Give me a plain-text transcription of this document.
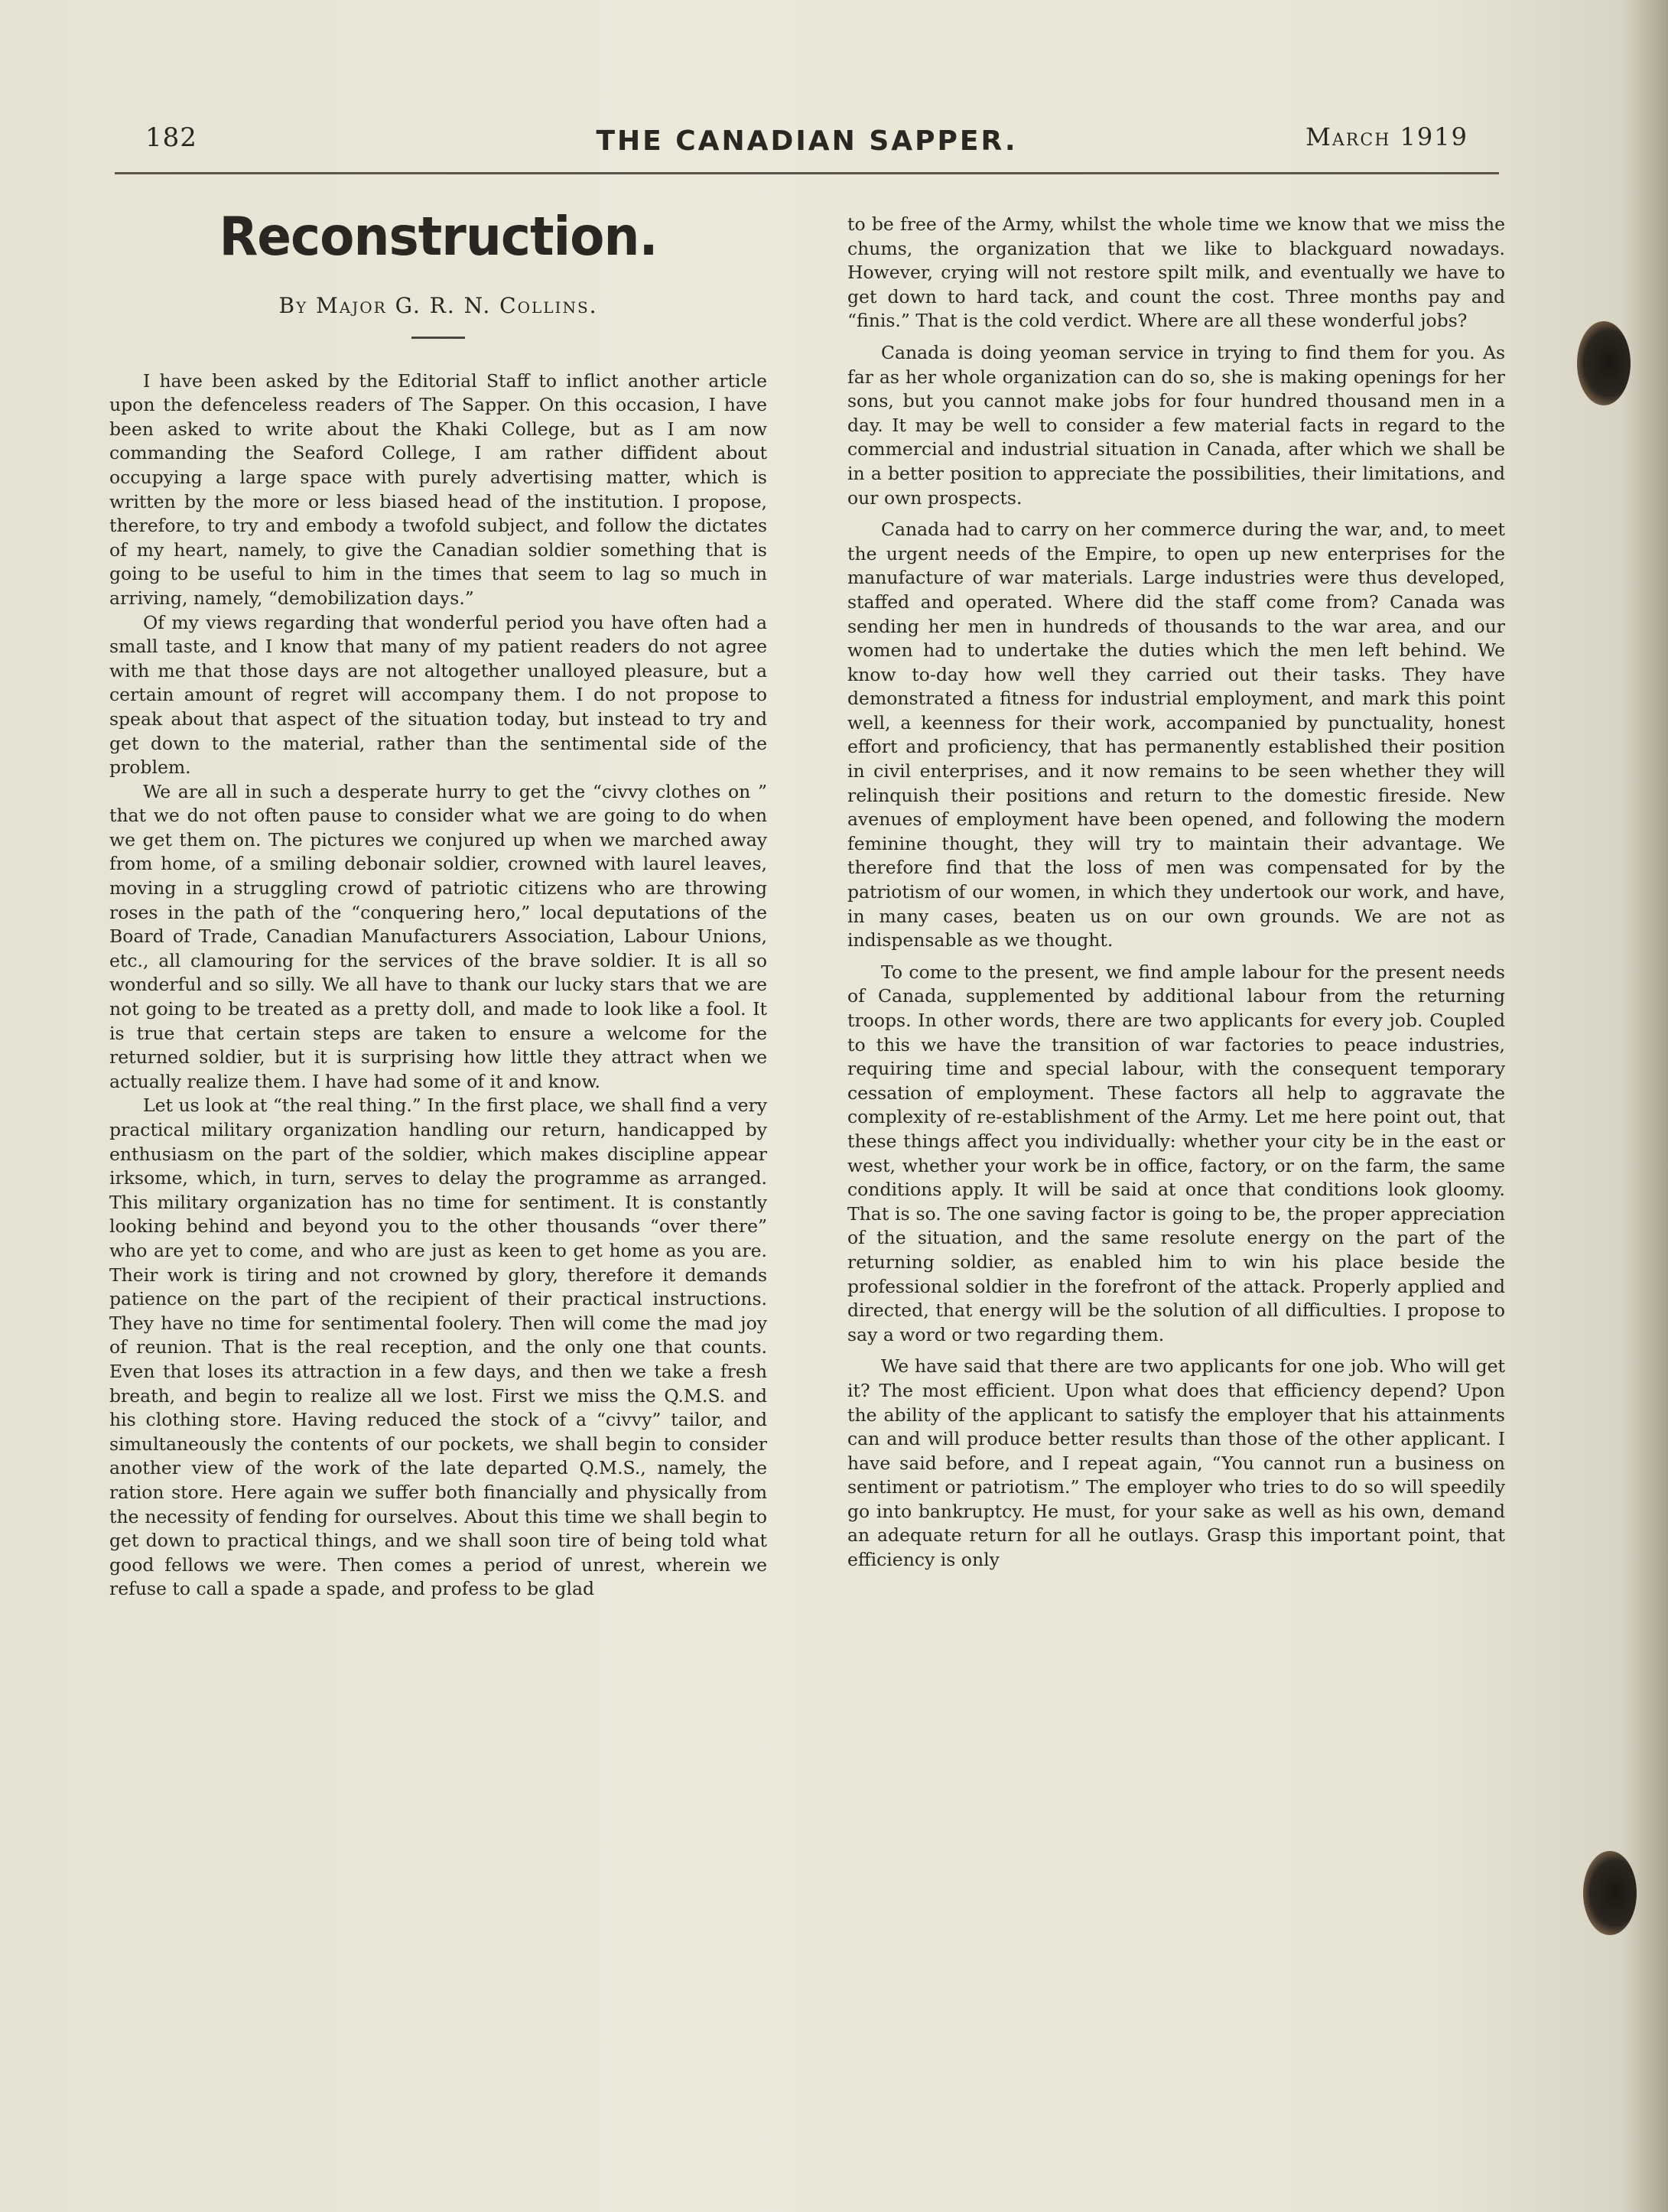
182	THE CANADIAN SAPPER.	March 1919
Reconstruction.
By Major G. R. N. Collins.

I have been asked by the Editorial Staff to inflict another article upon the defenceless readers of The Sapper. On this occasion, I have been asked to write about the Khaki College, but as I am now commanding the Seaford College, I am rather diffident about occupying a large space with purely advertising matter, which is written by the more or less biased head of the institution. I propose, therefore, to try and embody a twofold subject, and follow the dictates of my heart, namely, to give the Canadian soldier something that is going to be useful to him in the times that seem to lag so much in arriving, namely, “demobilization days.”

Of my views regarding that wonderful period you have often had a small taste, and I know that many of my patient readers do not agree with me that those days are not altogether unalloyed pleasure, but a certain amount of regret will accompany them. I do not propose to speak about that aspect of the situation today, but instead to try and get down to the material, rather than the sentimental side of the problem.

We are all in such a desperate hurry to get the “civvy clothes on ” that we do not often pause to consider what we are going to do when we get them on. The pictures we conjured up when we marched away from home, of a smiling debonair soldier, crowned with laurel leaves, moving in a struggling crowd of patriotic citizens who are throwing roses in the path of the “conquering hero,” local deputations of the Board of Trade, Canadian Manufacturers Association, Labour Unions, etc., all clamouring for the services of the brave soldier. It is all so wonderful and so silly. We all have to thank our lucky stars that we are not going to be treated as a pretty doll, and made to look like a fool. It is true that certain steps are taken to ensure a welcome for the returned soldier, but it is surprising how little they attract when we actually realize them. I have had some of it and know.

Let us look at “the real thing.” In the first place, we shall find a very practical military organization handling our return, handicapped by enthusiasm on the part of the soldier, which makes discipline appear irksome, which, in turn, serves to delay the programme as arranged. This military organization has no time for sentiment. It is constantly looking behind and beyond you to the other thousands “over there” who are yet to come, and who are just as keen to get home as you are. Their work is tiring and not crowned by glory, therefore it demands patience on the part of the recipient of their practical instructions. They have no time for sentimental foolery. Then will come the mad joy of reunion. That is the real reception, and the only one that counts. Even that loses its attraction in a few days, and then we take a fresh breath, and begin to realize all we lost. First we miss the Q.M.S. and his clothing store. Having reduced the stock of a “civvy” tailor, and simultaneously the contents of our pockets, we shall begin to consider another view of the work of the late departed Q.M.S., namely, the ration store. Here again we suffer both financially and physically from the necessity of fending for ourselves. About this time we shall begin to get down to practical things, and we shall soon tire of being told what good fellows we were. Then comes a period of unrest, wherein we refuse to call a spade a spade, and profess to be glad

to be free of the Army, whilst the whole time we know that we miss the chums, the organization that we like to blackguard nowadays. However, crying will not restore spilt milk, and eventually we have to get down to hard tack, and count the cost. Three months pay and “finis.” That is the cold verdict. Where are all these wonderful jobs?

Canada is doing yeoman service in trying to find them for you. As far as her whole organization can do so, she is making openings for her sons, but you cannot make jobs for four hundred thousand men in a day. It may be well to consider a few material facts in regard to the commercial and industrial situation in Canada, after which we shall be in a better position to appreciate the possibilities, their limitations, and our own prospects.

Canada had to carry on her commerce during the war, and, to meet the urgent needs of the Empire, to open up new enterprises for the manufacture of war materials. Large industries were thus developed, staffed and operated. Where did the staff come from? Canada was sending her men in hundreds of thousands to the war area, and our women had to undertake the duties which the men left behind. We know to-day how well they carried out their tasks. They have demonstrated a fitness for industrial employment, and mark this point well, a keenness for their work, accompanied by punctuality, honest effort and proficiency, that has permanently established their position in civil enterprises, and it now remains to be seen whether they will relinquish their positions and return to the domestic fireside. New avenues of employment have been opened, and following the modern feminine thought, they will try to maintain their advantage. We therefore find that the loss of men was compensated for by the patriotism of our women, in which they undertook our work, and have, in many cases, beaten us on our own grounds. We are not as indispensable as we thought.

To come to the present, we find ample labour for the present needs of Canada, supplemented by additional labour from the returning troops. In other words, there are two applicants for every job. Coupled to this we have the transition of war factories to peace industries, requiring time and special labour, with the consequent temporary cessation of employment. These factors all help to aggravate the complexity of re-establishment of the Army. Let me here point out, that these things affect you individually: whether your city be in the east or west, whether your work be in office, factory, or on the farm, the same conditions apply. It will be said at once that conditions look gloomy. That is so. The one saving factor is going to be, the proper appreciation of the situation, and the same resolute energy on the part of the returning soldier, as enabled him to win his place beside the professional soldier in the forefront of the attack. Properly applied and directed, that energy will be the solution of all difficulties. I propose to say a word or two regarding them.

We have said that there are two applicants for one job. Who will get it? The most efficient. Upon what does that efficiency depend? Upon the ability of the applicant to satisfy the employer that his attainments can and will produce better results than those of the other applicant. I have said before, and I repeat again, “You cannot run a business on sentiment or patriotism.” The employer who tries to do so will speedily go into bankruptcy. He must, for your sake as well as his own, demand an adequate return for all he outlays. Grasp this important point, that efficiency is only
